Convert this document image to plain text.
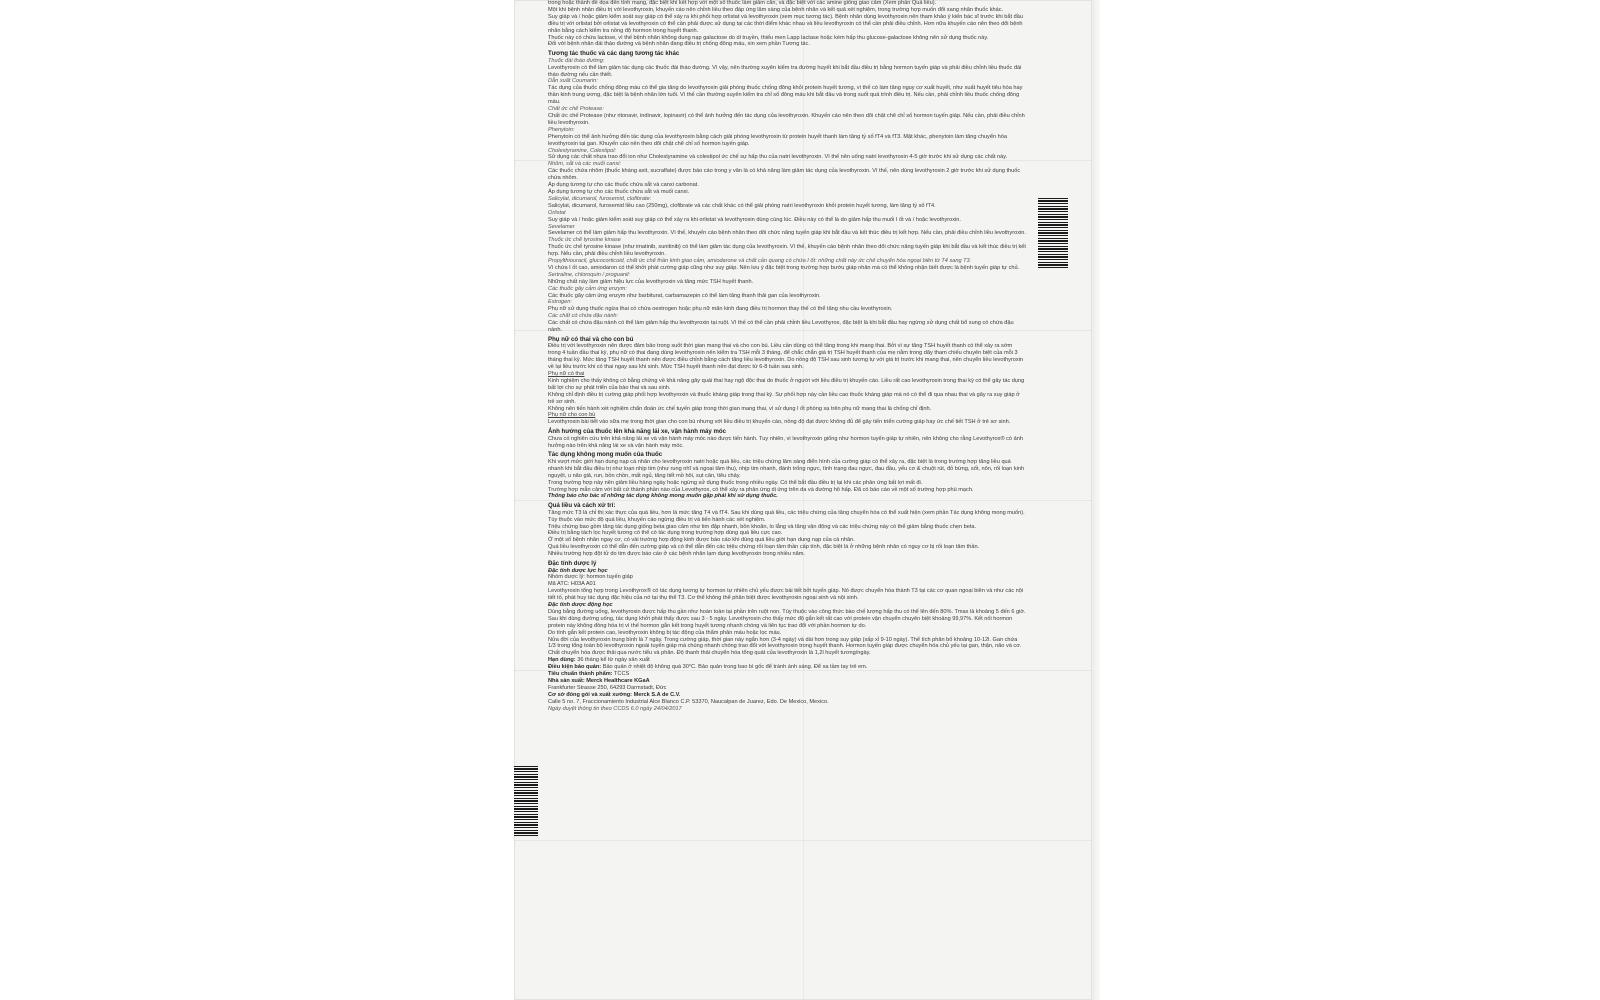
trong hoặc thành đè dọa đến tính mạng, đặc biệt khi kết hợp với một số thuốc làm giảm cân, và đặc biệt với các amine giống giao cảm (Xem phần Quá liều).

Một khi bệnh nhân điều trị với levothyroxin, khuyến cáo nên chỉnh liều theo đáp ứng lâm sàng của bệnh nhân và kết quả xét nghiệm, trong trường hợp muốn đổi sang nhãn thuốc khác.

Suy giáp và / hoặc giảm kiểm soát suy giáp có thể xảy ra khi phối hợp orlistat và levothyroxin (xem mục tương tác). Bệnh nhân dùng levothyroxin nên tham khảo ý kiến bác sĩ trước khi bắt đầu điều trị với orlistat bởi orlistat và levothyroxin có thể cần phải được sử dụng tại các thời điểm khác nhau và liều levothyroxin có thể cần phải điều chỉnh. Hơn nữa khuyến cáo nên theo dõi bệnh nhân bằng cách kiểm tra nồng độ hormon trong huyết thanh.

Thuốc này có chứa lactose, vì thế bệnh nhân không dung nạp galactose do di truyền, thiếu men Lapp lactase hoặc kém hấp thu glucose-galactose không nên sử dụng thuốc này.

Đối với bệnh nhân đái tháo đường và bệnh nhân đang điều trị chống đông máu, xin xem phần Tương tác.

Tương tác thuốc và các dạng tương tác khác

Thuốc đái tháo đường:

Levothyroxin có thể làm giảm tác dụng các thuốc đái tháo đường. Vì vậy, nên thường xuyên kiểm tra đường huyết khi bắt đầu điều trị bằng hormon tuyến giáp và phải điều chỉnh liều thuốc đái tháo đường nếu cần thiết.

Dẫn xuất Coumarin:

Tác dụng của thuốc chống đông máu có thể gia tăng do levothyroxin giải phóng thuốc chống đông khỏi protein huyết tương, vì thế có làm tăng nguy cơ xuất huyết, như xuất huyết tiêu hóa hay thần kinh trung ương, đặc biệt là bệnh nhân lớn tuổi. Vì thế cần thường xuyên kiểm tra chỉ số đông máu khi bắt đầu và trong suốt quá trình điều trị. Nếu cần, phải chỉnh liều thuốc chống đông máu.

Chất ức chế Protease:

Chất ức chế Protease (như ritonavir, indinavir, lopinavir) có thể ảnh hưởng đến tác dụng của levothyroxin. Khuyến cáo nên theo dõi chặt chẽ chỉ số hormon tuyến giáp. Nếu cần, phải điều chỉnh liều levothyroxin.

Phenytoin:

Phenytoin có thể ảnh hưởng đến tác dụng của levothyroxin bằng cách giải phóng levothyroxin từ protein huyết thanh làm tăng tỷ số fT4 và fT3. Mặt khác, phenytoin làm tăng chuyển hóa levothyroxin tại gan. Khuyến cáo nên theo dõi chặt chẽ chỉ số hormon tuyến giáp.

Cholestyramine, Colestipol:

Sử dụng các chất nhựa trao đổi ion như Cholestyramine và colestipol ức chế sự hấp thu của natri levothyroxin. Vì thế nên uống natri levothyroxin 4-5 giờ trước khi sử dụng các chất này.

Nhôm, sắt và các muối canxi:

Các thuốc chứa nhôm (thuốc kháng axit, sucralfate) được báo cáo trong y văn là có khả năng làm giảm tác dụng của levothyroxin. Vì thế, nên dùng levothyroxin 2 giờ trước khi sử dụng thuốc chứa nhôm.

Áp dụng tương tự cho các thuốc chứa sắt và canxi carbonat.

Áp dụng tương tự cho các thuốc chứa sắt và muối canxi.

Salicylat, dicumarol, furosemid, clofibrate:

Salicylat, dicumarol, furosemid liều cao (250mg), clofibrate và các chất khác có thể giải phóng natri levothyroxin khỏi protein huyết tương, làm tăng tỷ số fT4.

Orlistat

Suy giáp và / hoặc giảm kiểm soát suy giáp có thể xảy ra khi orlistat và levothyroxin dùng cùng lúc. Điều này có thể là do giảm hấp thu muối I ốt và / hoặc levothyroxin.

Sevelamer

Sevelamer có thể làm giảm hấp thu levothyroxin. Vì thế, khuyến cáo bệnh nhân theo dõi chức năng tuyến giáp khi bắt đầu và kết thúc điều trị kết hợp. Nếu cần, phải điều chỉnh liều levothyroxin.

Thuốc ức chế tyrosine kinase

Thuốc ức chế tyrosine kinase (như imatinib, sunitinib) có thể làm giảm tác dụng của levothyroxin. Vì thế, khuyến cáo bệnh nhân theo dõi chức năng tuyến giáp khi bắt đầu và kết thúc điều trị kết hợp. Nếu cần, phải điều chỉnh liều levothyroxin.

Propylthiouracil, glucocorticoid, chất ức chế thần kinh giao cảm, amiodarone và chất cản quang có chứa I ốt: những chất này ức chế chuyển hóa ngoại biên từ T4 sang T3.

Vì chứa I ốt cao, amiodaron có thể khởi phát cường giáp cũng như suy giáp. Nên lưu ý đặc biệt trong trường hợp bướu giáp nhân mà có thể không nhận biết được là bệnh tuyến giáp tự chủ.

Sertraline, chloroquin / proguanil:

Những chất này làm giảm hiệu lực của levothyroxin và tăng mức TSH huyết thanh.

Các thuốc gây cảm ứng enzym:

Các thuốc gây cảm ứng enzym như barbiturat, carbamazepin có thể làm tăng thanh thải gan của levothyroxin.

Estrogen:

Phụ nữ sử dụng thuốc ngừa thai có chứa oestrogen hoặc phụ nữ mãn kinh đang điều trị hormon thay thế có thể tăng nhu cầu levothyroxin.

Các chất có chứa đậu nành:

Các chất có chứa đậu nành có thể làm giảm hấp thu levothyroxin tại ruột. Vì thế có thể cần phải chỉnh liều Levothyrox, đặc biệt là khi bắt đầu hay ngừng sử dụng chất bổ sung có chứa đậu nành.

Phụ nữ có thai và cho con bú

Điều trị với levothyroxin nên được đảm bảo trong suốt thời gian mang thai và cho con bú. Liều cần dùng có thể tăng trong khi mang thai. Bởi vì sự tăng TSH huyết thanh có thể xảy ra sớm trong 4 tuần đầu thai kỳ, phụ nữ có thai đang dùng levothyroxin nên kiểm tra TSH mỗi 3 tháng, để chắc chắn giá trị TSH huyết thanh của mẹ nằm trong dãy tham chiếu chuyên biệt của mỗi 3 tháng thai kỳ. Mức tăng TSH huyết thanh nên được điều chỉnh bằng cách tăng liều levothyroxin. Do nồng độ TSH sau sinh tương tự với giá trị trước khi mang thai, nên chuyển liều levothyroxin về lại liều trước khi có thai ngay sau khi sinh. Mức TSH huyết thanh nên đạt được từ 6-8 tuần sau sinh.

Phụ nữ có thai

Kinh nghiệm cho thấy không có bằng chứng về khả năng gây quái thai hay ngộ độc thai do thuốc ở người với liều điều trị khuyến cáo. Liều rất cao levothyroxin trong thai kỳ có thể gây tác dụng bất lợi cho sự phát triển của bào thai và sau sinh.

Không chỉ định điều trị cường giáp phối hợp levothyroxin và thuốc kháng giáp trong thai kỳ. Sự phối hợp này cần liều cao thuốc kháng giáp mà nó có thể đi qua nhau thai và gây ra suy giáp ở trẻ sơ sinh.

Không nên tiến hành xét nghiệm chẩn đoán ức chế tuyến giáp trong thời gian mang thai, vì sử dụng I ốt phóng xạ trên phụ nữ mang thai là chống chỉ định.

Phụ nữ cho con bú

Levothyroxin bài tiết vào sữa mẹ trong thời gian cho con bú nhưng với liều điều trị khuyến cáo, nồng độ đạt được không đủ để gây tiến triển cường giáp hay ức chế tiết TSH ở trẻ sơ sinh.

Ảnh hưởng của thuốc lên khả năng lái xe, vận hành máy móc

Chưa có nghiên cứu trên khả năng lái xe và vận hành máy móc nào được tiến hành. Tuy nhiên, vì levothyroxin giống như hormon tuyến giáp tự nhiên, nên không cho rằng Levothyrox® có ảnh hưởng nào trên khả năng lái xe và vận hành máy móc.

Tác dụng không mong muốn của thuốc

Khi vượt mức giới hạn dung nạp cá nhân cho levothyroxin natri hoặc quá liều, các triệu chứng lâm sàng điển hình của cường giáp có thể xảy ra, đặc biệt là trong trường hợp tăng liều quá nhanh khi bắt đầu điều trị như loạn nhịp tim (như rung nhĩ và ngoại tâm thu), nhịp tim nhanh, đánh trống ngực, tình trạng đau ngực, đau đầu, yếu cơ & chuột rút, đỏ bừng, sốt, nôn, rối loạn kinh nguyệt, u não giả, run, bồn chồn, mất ngủ, tăng tiết mồ hôi, sụt cân, tiêu chảy.

Trong trường hợp này nên giảm liều hàng ngày hoặc ngừng sử dụng thuốc trong nhiều ngày. Có thể bắt đầu điều trị lại khi các phản ứng bất lợi mất đi.

Trường hợp mẫn cảm với bất cứ thành phần nào của Levothyrox, có thể xảy ra phản ứng dị ứng trên da và đường hô hấp. Đã có báo cáo về một số trường hợp phù mạch.

Thông báo cho bác sĩ những tác dụng không mong muốn gặp phải khi sử dụng thuốc.

Quá liều và cách xử trí:

Tăng mức T3 là chỉ thị xác thực của quá liều, hơn là mức tăng T4 và fT4. Sau khi dùng quá liều, các triệu chứng của tăng chuyển hóa có thể xuất hiện (xem phần Tác dụng không mong muốn).

Tùy thuộc vào mức độ quá liều, khuyến cáo ngừng điều trị và tiến hành các xét nghiệm.

Triệu chứng bao gồm tăng tác dụng giống beta giao cảm như tim đập nhanh, bồn khoăn, lo lắng và tăng vận động và các triệu chứng này có thể giảm bằng thuốc chẹn beta.

Điều trị bằng tách lọc huyết tương có thể có tác dụng trong trường hợp dùng quá liều cực cao.

Ở một số bệnh nhân ngay cơ, có vài trường hợp động kinh được báo cáo khi dùng quá liều giới hạn dung nạp của cá nhân.

Quá liều levothyroxin có thể dẫn đến cường giáp và có thể dẫn đến các triệu chứng rối loạn tâm thần cấp tính, đặc biệt là ở những bệnh nhân có nguy cơ bị rối loạn tâm thần.

Nhiều trường hợp đột tử do tim được báo cáo ở các bệnh nhân lạm dụng levothyroxin trong nhiều năm.

Đặc tính dược lý

Đặc tính dược lực học

Nhóm dược lý: hormon tuyến giáp

Mã ATC: H03A A01

Levothyroxin tổng hợp trong Levothyrox® có tác dụng tương tự hormon tự nhiên chủ yếu được bài tiết bởi tuyến giáp. Nó được chuyển hóa thành T3 tại các cơ quan ngoại biên và như các nội tiết tố, phát huy tác dụng đặc hiệu của nó tại thụ thể T3. Cơ thể không thể phân biệt được levothyroxin ngoại sinh và nội sinh.

Đặc tính dược động học

Dùng bằng đường uống, levothyroxin được hấp thu gần như hoàn toàn tại phần trên ruột non. Tùy thuộc vào công thức bào chế lượng hấp thu có thể lên đến 80%. Tmax là khoảng 5 đến 6 giờ.

Sau khi dùng đường uống, tác dụng khởi phát thấy được sau 3 - 5 ngày. Levothyroxin cho thấy mức độ gắn kết rất cao với protein vận chuyển chuyên biệt khoảng 99,97%. Kết nối hormon protein này không đồng hóa trị vì thế hormon gắn kết trong huyết tương nhanh chóng và liên tục trao đổi với phần hormon tự do.

Do tính gắn kết protein cao, levothyroxin không bị tác động của thẩm phân máu hoặc lọc máu.

Nửa đời của levothyroxin trung bình là 7 ngày. Trong cường giáp, thời gian này ngắn hơn (3-4 ngày) và dài hơn trong suy giáp (xấp xỉ 9-10 ngày). Thể tích phân bố khoảng 10-12l. Gan chứa 1/3 trong tổng toàn bộ levothyroxin ngoài tuyến giáp mà chúng nhanh chóng trao đổi với levothyroxin trong huyết thanh. Hormon tuyến giáp được chuyển hóa chủ yếu tại gan, thận, não và cơ. Chất chuyển hóa được thải qua nước tiểu và phân. Độ thanh thải chuyển hóa tổng quát của levothyroxin là 1,2l huyết tương/ngày.

Hạn dùng: 36 tháng kể từ ngày sản xuất

Điều kiện bảo quản: Bảo quản ở nhiệt độ không quá 30°C. Bảo quản trong bao bì gốc để tránh ánh sáng. Để xa tầm tay trẻ em.

Tiêu chuẩn thành phẩm: TCCS

Nhà sản xuất: Merck Healthcare KGaA

Frankfurter Strasse 250, 64293 Darmstadt, Đức

Cơ sở đóng gói và xuất xưởng: Merck S.A de C.V.

Calle 5 no. 7, Fraccionamiento Industrial Alce Blanco C.P. 53370, Naucalpan de Juarez, Edo. De Mexico, Mexico.

Ngày duyệt thông tin theo CCDS 6.0 ngày 24/04/2017
